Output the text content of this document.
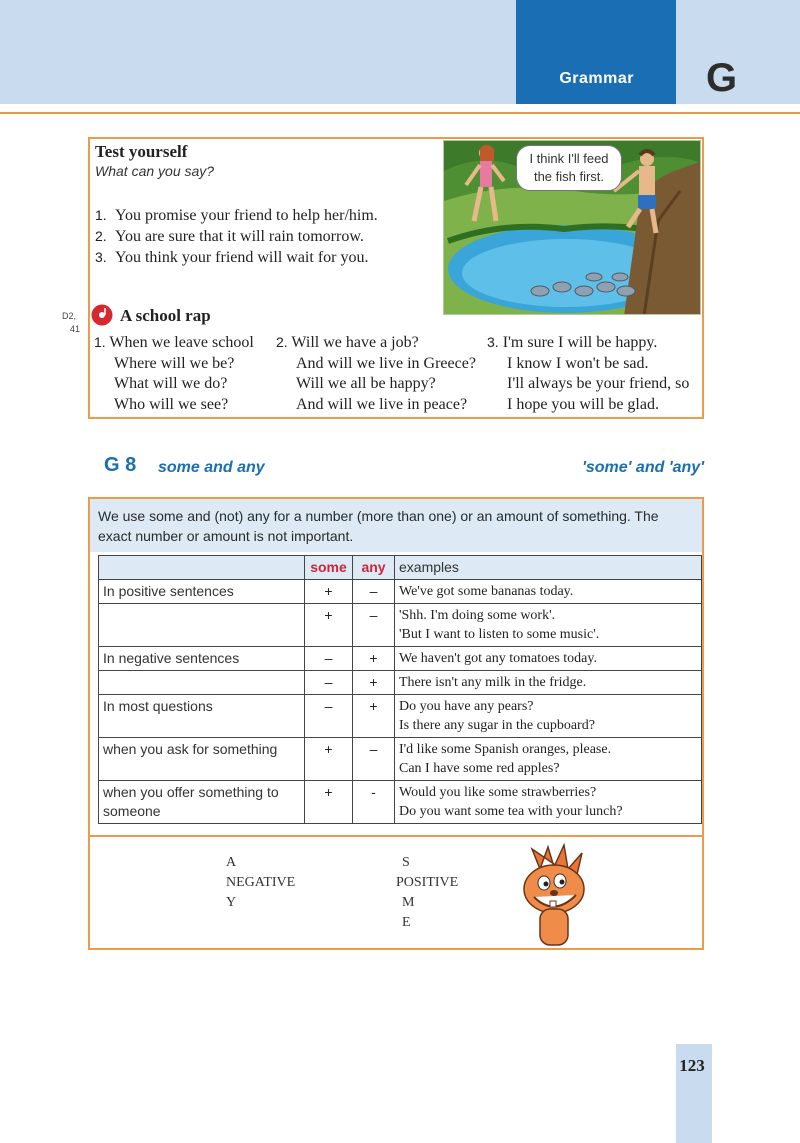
Grammar G
D2,
41
Test yourself
What can you say?
1. You promise your friend to help her/him.
2. You are sure that it will rain tomorrow.
3. You think your friend will wait for you.
I think I'll feed
the fish first.
A school rap
1. When we leave school
Where will we be?
What will we do?
Who will we see?
2. Will we have a job?
And will we live in Greece?
Will we all be happy?
And will we live in peace?
3. I'm sure I will be happy.
I know I won't be sad.
I'll always be your friend, so
I hope you will be glad.
G 8 some and any	'some' and 'any'
We use some and (not) any for a number (more than one) or an amount of something. The exact number or amount is not important.
	some	any	examples
In positive sentences	+	–	We've got some bananas today.

	+	–	'Shh. I'm doing some work'.
'But I want to listen to some music'.

In negative sentences	–	+	We haven't got any tomatoes today.

	–	+	There isn't any milk in the fridge.

In most questions	–	+	Do you have any pears?
Is there any sugar in the cupboard?

when you ask for something	+	–	I'd like some Spanish oranges, please.
Can I have some red apples?

when you offer something to someone	+	-	Would you like some strawberries?
Do you want some tea with your lunch?
A
NEGATIVE
Y
S
POSITIVE
M
E
123
